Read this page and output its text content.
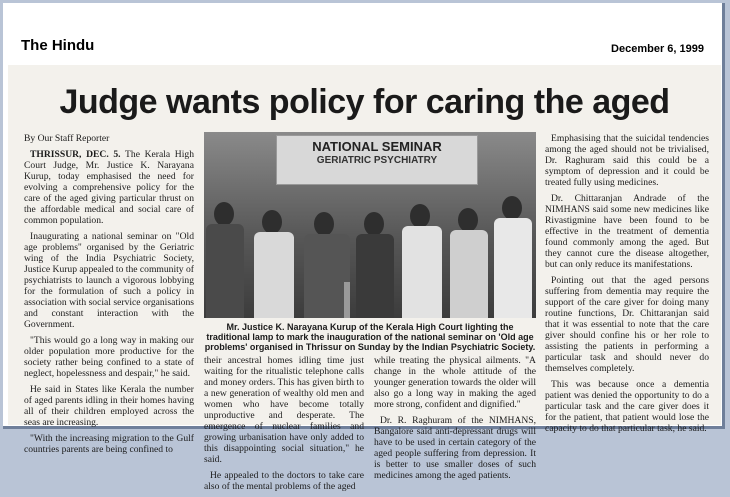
The Hindu	December 6, 1999
Judge wants policy for caring the aged

By Our Staff Reporter

THRISSUR, DEC. 5. The Kerala High Court Judge, Mr. Justice K. Narayana Kurup, today emphasised the need for evolving a comprehensive policy for the care of the aged giving particular thrust on the affordable medical and social care of common population.

Inaugurating a national seminar on "Old age problems" organised by the Geriatric wing of the India Psychiatric Society, Justice Kurup appealed to the community of psychiatrists to launch a vigorous lobbying for the formulation of such a policy in association with social service organisations and constant interaction with the Government.

"This would go a long way in making our older population more productive for the society rather being confined to a state of neglect, hopelessness and despair," he said.

He said in States like Kerala the number of aged parents idling in their homes having all of their children employed across the seas are increasing.

"With the increasing migration to the Gulf countries parents are being confined to

NATIONAL SEMINAR
GERIATRIC PSYCHIATRY
Mr. Justice K. Narayana Kurup of the Kerala High Court lighting the traditional lamp to mark the inauguration of the national seminar on 'Old age problems' organised in Thrissur on Sunday by the Indian Psychiatric Society.

their ancestral homes idling time just waiting for the ritualistic telephone calls and money orders. This has given birth to a new generation of wealthy old men and women who have become totally unproductive and desperate. The emergence of nuclear families and growing urbanisation have only added to this disappointing social situation," he said.

He appealed to the doctors to take care also of the mental problems of the aged

while treating the physical ailments. "A change in the whole attitude of the younger generation towards the older will also go a long way in making the aged more strong, confident and dignified."

Dr. R. Raghuram of the NIMHANS, Bangalore said anti-depressant drugs will have to be used in certain category of the aged people suffering from depression. It is better to use smaller doses of such medicines among the aged patients.

Emphasising that the suicidal tendencies among the aged should not be trivialised, Dr. Raghuram said this could be a symptom of depression and it could be treated fully using medicines.

Dr. Chittaranjan Andrade of the NIMHANS said some new medicines like Rivastigmine have been found to be effective in the treatment of dementia found commonly among the aged. But they cannot cure the disease altogether, but can only reduce its manifestations.

Pointing out that the aged persons suffering from dementia may require the support of the care giver for doing many routine functions, Dr. Chittaranjan said that it was essential to note that the care giver should confine his or her role to assisting the patients in performing a particular task and should never do themselves completely.

This was because once a dementia patient was denied the opportunity to do a particular task and the care giver does it for the patient, that patient would lose the capacity to do that particular task, he said.
